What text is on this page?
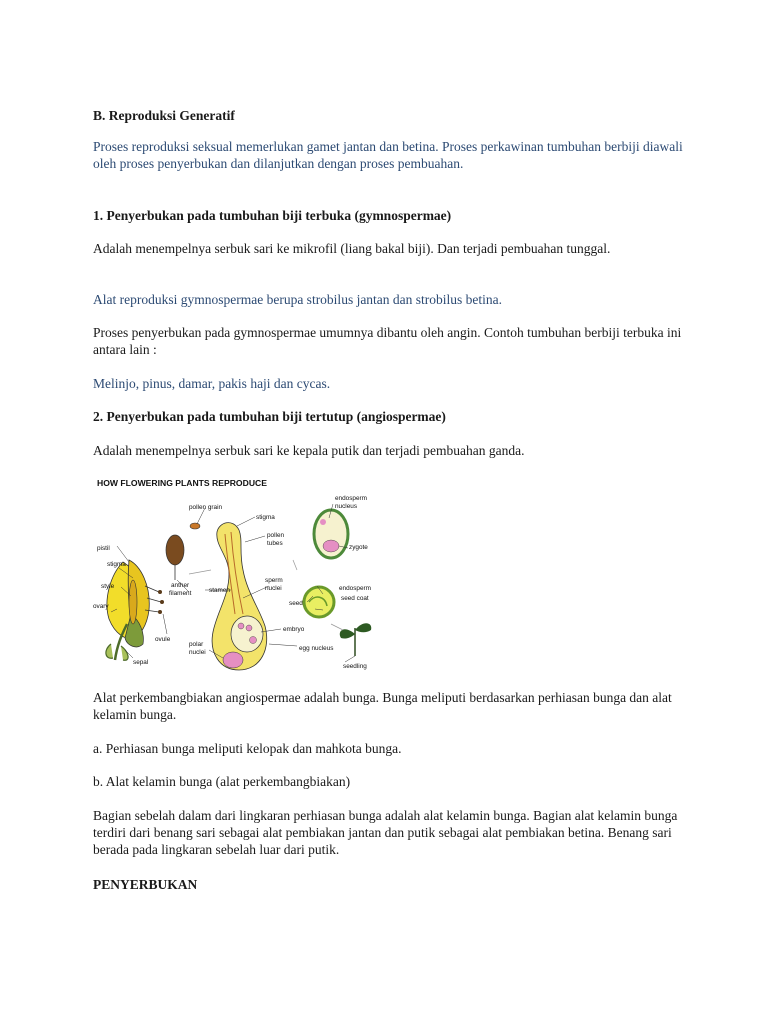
B. Reproduksi Generatif

Proses reproduksi seksual memerlukan gamet jantan dan betina. Proses perkawinan tumbuhan berbiji diawali oleh proses penyerbukan dan dilanjutkan dengan proses pembuahan.

1. Penyerbukan pada tumbuhan biji terbuka (gymnospermae)

Adalah menempelnya serbuk sari ke mikrofil (liang bakal biji). Dan terjadi pembuahan tunggal.

Alat reproduksi gymnospermae berupa strobilus jantan dan strobilus betina.

Proses penyerbukan pada gymnospermae umumnya dibantu oleh angin. Contoh tumbuhan berbiji terbuka ini antara lain :

Melinjo, pinus, damar, pakis haji dan cycas.

2. Penyerbukan pada tumbuhan biji tertutup (angiospermae)

Adalah menempelnya serbuk sari ke kepala putik dan terjadi pembuahan ganda.

HOW FLOWERING PLANTS REPRODUCE
pollen grain
stigma
pollen
tubes
endosperm
nucleus
zygote
pistil
stigma
style
ovary
anther
filament	stamen
sperm
nuclei	endosperm
seed
seed coat
embryo
ovule
polar
nuclei
egg nucleus
sepal
seedling

Alat perkembangbiakan angiospermae adalah bunga. Bunga meliputi berdasarkan perhiasan bunga dan alat kelamin bunga.

a. Perhiasan bunga meliputi kelopak dan mahkota bunga.

b. Alat kelamin bunga (alat perkembangbiakan)

Bagian sebelah dalam dari lingkaran perhiasan bunga adalah alat kelamin bunga. Bagian alat kelamin bunga terdiri dari benang sari sebagai alat pembiakan jantan dan putik sebagai alat pembiakan betina. Benang sari berada pada lingkaran sebelah luar dari putik.

PENYERBUKAN
